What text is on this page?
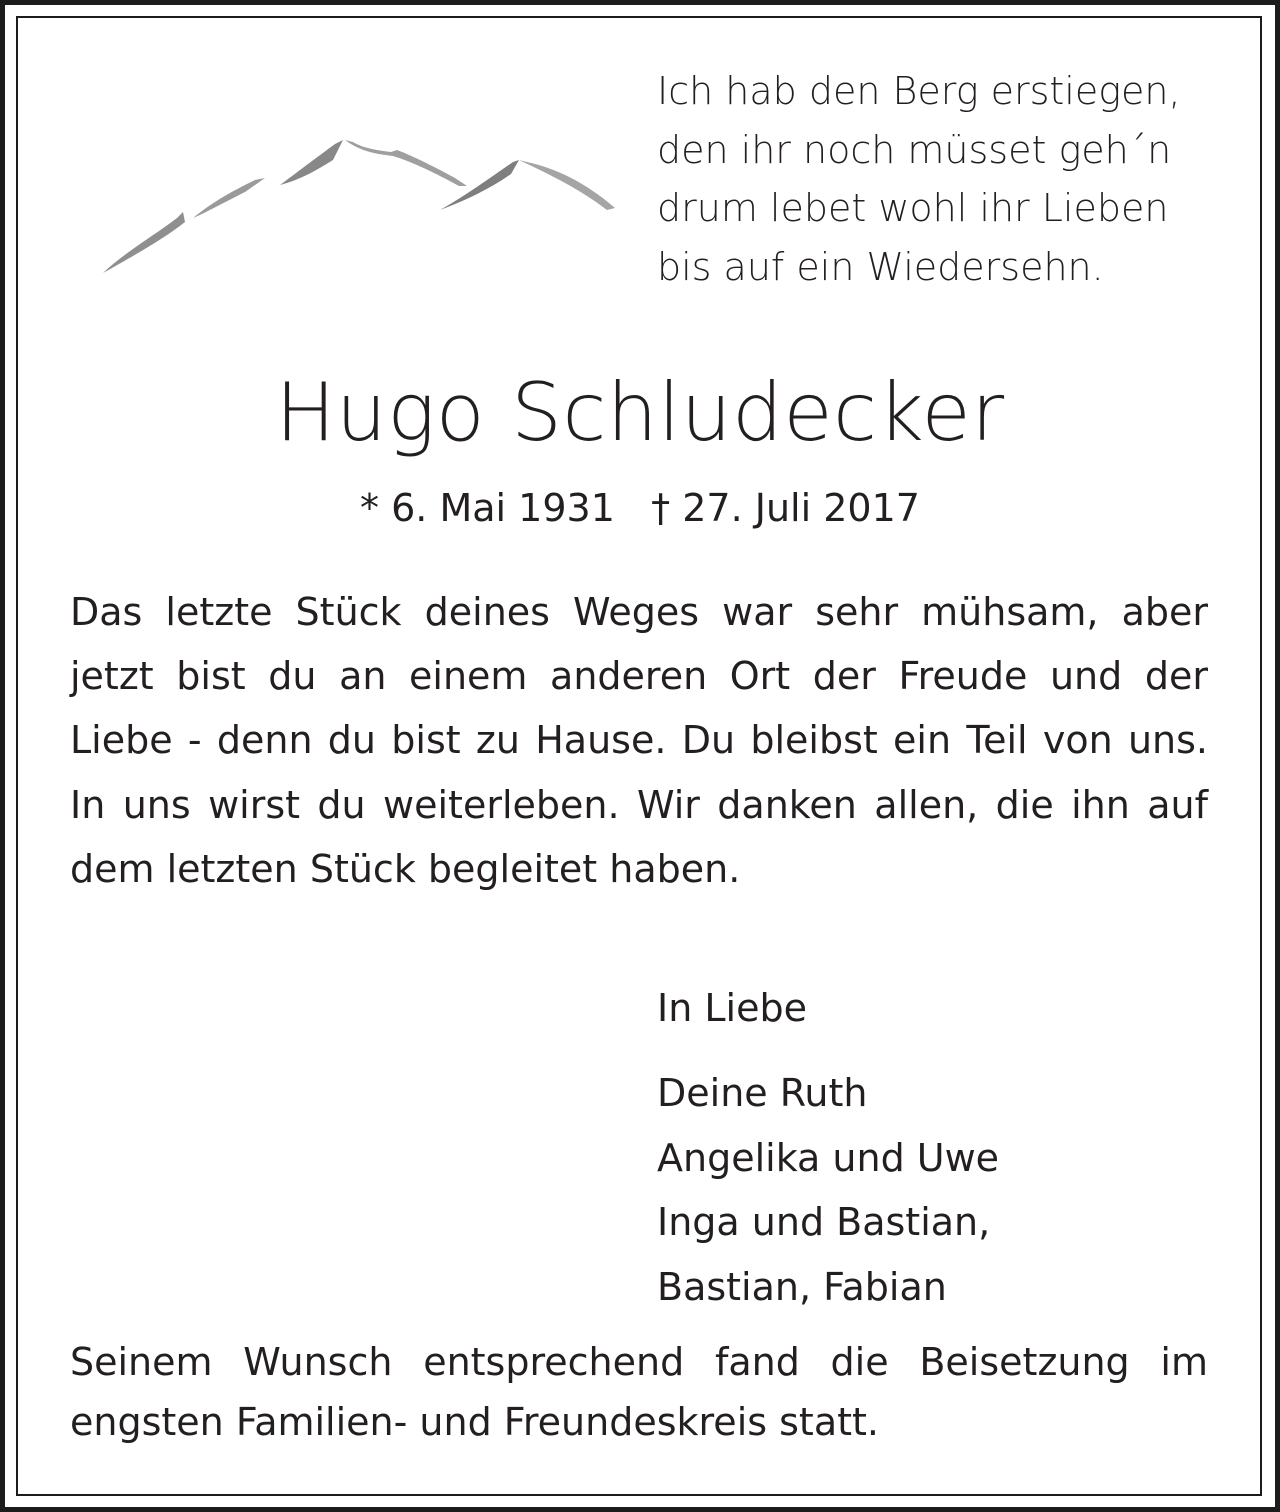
Ich hab den Berg erstiegen,
den ihr noch müsset geh´n
drum lebet wohl ihr Lieben
bis auf ein Wiedersehn.
Hugo Schludecker
* 6. Mai 1931 † 27. Juli 2017
Das letzte Stück deines Weges war sehr mühsam, aber jetzt bist du an einem anderen Ort der Freude und der Liebe - denn du bist zu Hause. Du bleibst ein Teil von uns. In uns wirst du weiterleben. Wir danken allen, die ihn auf dem letzten Stück begleitet haben.
In Liebe
Deine Ruth
Angelika und Uwe
Inga und Bastian,
Bastian, Fabian
Seinem Wunsch entsprechend fand die Beisetzung im engsten Familien- und Freundeskreis statt.
